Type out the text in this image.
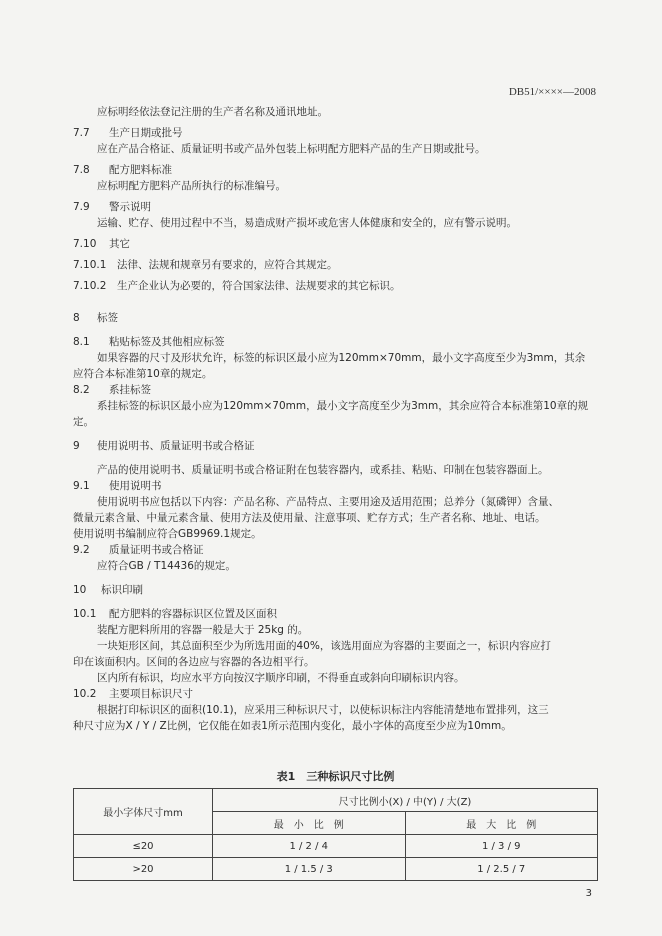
DB51/××××—2008
应标明经依法登记注册的生产者名称及通讯地址。
7.7	生产日期或批号
应在产品合格证、质量证明书或产品外包装上标明配方肥料产品的生产日期或批号。
7.8	配方肥料标准
应标明配方肥料产品所执行的标准编号。
7.9	警示说明
运输、贮存、使用过程中不当，易造成财产损坏或危害人体健康和安全的，应有警示说明。
7.10 其它
7.10.1 法律、法规和规章另有要求的，应符合其规定。
7.10.2 生产企业认为必要的，符合国家法律、法规要求的其它标识。
8	标签
8.1	粘贴标签及其他相应标签
如果容器的尺寸及形状允许，标签的标识区最小应为120mm×70mm，最小文字高度至少为3mm，其余
应符合本标准第10章的规定。
8.2	系挂标签
系挂标签的标识区最小应为120mm×70mm，最小文字高度至少为3mm，其余应符合本标准第10章的规
定。
9	使用说明书、质量证明书或合格证
产品的使用说明书、质量证明书或合格证附在包装容器内，或系挂、粘贴、印制在包装容器面上。
9.1	使用说明书
使用说明书应包括以下内容：产品名称、产品特点、主要用途及适用范围；总养分（氮磷钾）含量、
微量元素含量、中量元素含量、使用方法及使用量、注意事项、贮存方式；生产者名称、地址、电话。
使用说明书编制应符合GB9969.1规定。
9.2	质量证明书或合格证
应符合GB / T14436的规定。
10	标识印刷
10.1 配方肥料的容器标识区位置及区面积
装配方肥料所用的容器一般是大于 25kg 的。
一块矩形区间，其总面积至少为所选用面的40%，该选用面应为容器的主要面之一，标识内容应打
印在该面积内。区间的各边应与容器的各边相平行。
区内所有标识，均应水平方向按汉字顺序印刷，不得垂直或斜向印刷标识内容。
10.2 主要项目标识尺寸
根据打印标识区的面积(10.1)，应采用三种标识尺寸，以使标识标注内容能清楚地布置排列，这三
种尺寸应为X / Y / Z比例，它仅能在如表1所示范围内变化，最小字体的高度至少应为10mm。
表1　三种标识尺寸比例
最小字体尺寸mm	尺寸比例小(X) / 中(Y) / 大(Z)	
	最　小　比　例	最　大　比　例
≤20	1 / 2 / 4	1 / 3 / 9
>20	1 / 1.5 / 3	1 / 2.5 / 7
3
